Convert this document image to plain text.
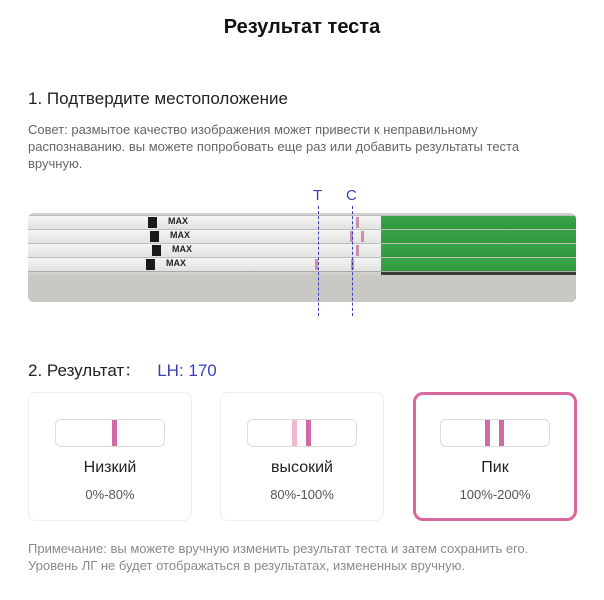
Результат теста
1. Подтвердите местоположение
Совет: размытое качество изображения может привести к неправильному распознаванию. вы можете попробовать еще раз или добавить результаты теста вручную.
MAX
MAX
MAX
MAX
T C
2. Результат： LH: 170
Низкий
0%-80%
высокий
80%-100%
Пик
100%-200%
Примечание: вы можете вручную изменить результат теста и затем сохранить его. Уровень ЛГ не будет отображаться в результатах, измененных вручную.
